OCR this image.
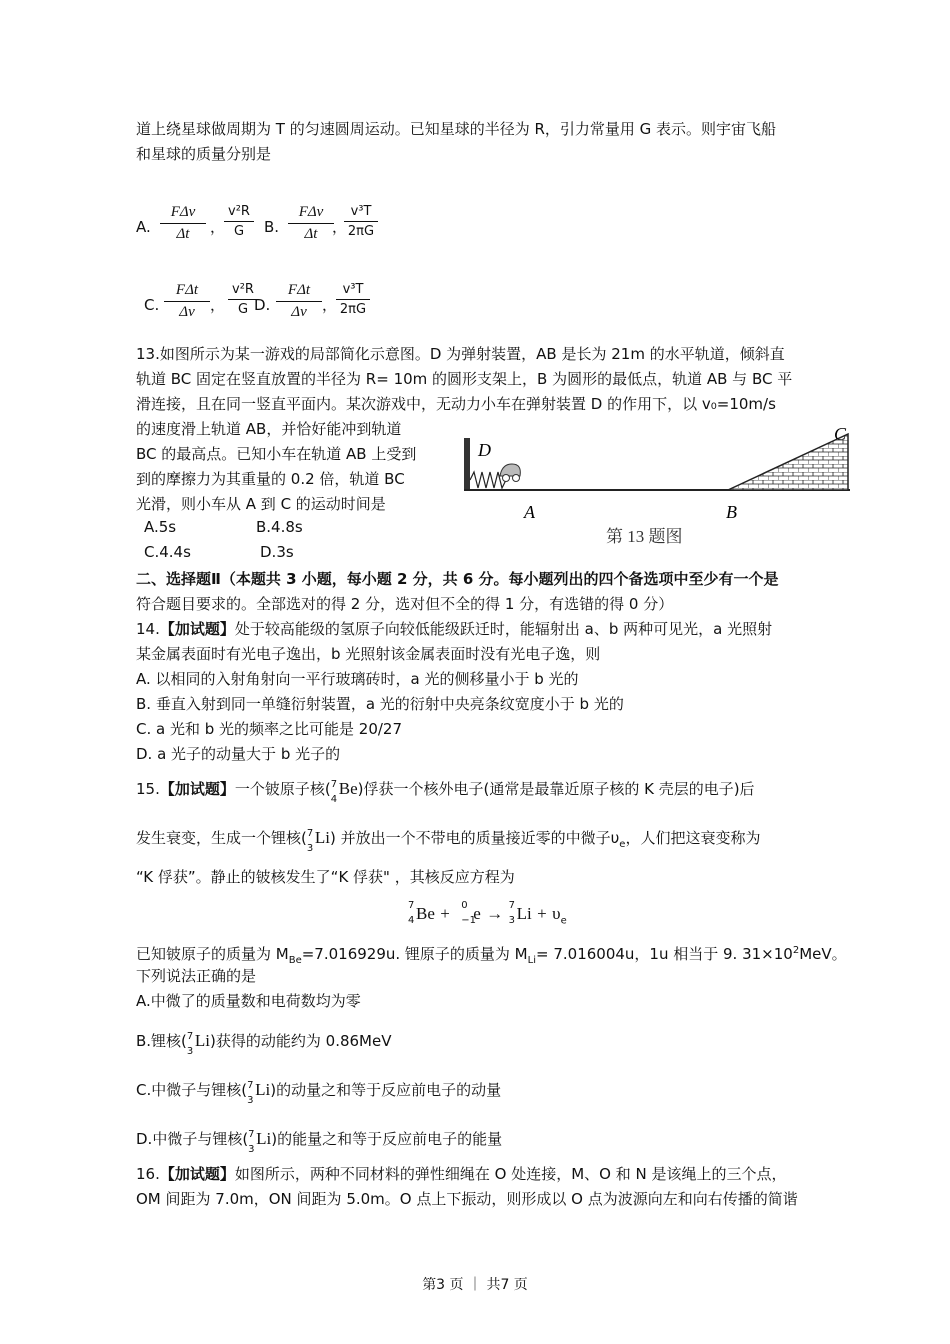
道上绕星球做周期为 T 的匀速圆周运动。已知星球的半径为 R，引力常量用 G 表示。则宇宙飞船
和星球的质量分别是
A.
FΔv
Δt	，
v²R
G	B.
FΔv
Δt ，
v³T
2πG
C.
FΔt
Δv	，
v²R
G D.
FΔt
Δv	，
v³T
2πG
13.如图所示为某一游戏的局部简化示意图。D 为弹射装置，AB 是长为 21m 的水平轨道，倾斜直
轨道 BC 固定在竖直放置的半径为 R= 10m 的圆形支架上，B 为圆形的最低点，轨道 AB 与 BC 平
滑连接，且在同一竖直平面内。某次游戏中，无动力小车在弹射装置 D 的作用下，以 v₀=10m/s
的速度滑上轨道 AB，并恰好能冲到轨道
BC 的最高点。已知小车在轨道 AB 上受到
到的摩擦力为其重量的 0.2 倍，轨道 BC
光滑，则小车从 A 到 C 的运动时间是
A.5s	B.4.8s
C.4.4s	D.3s
D
A	B
C
第 13 题图
二、选择题Ⅱ（本题共 3 小题，每小题 2 分，共 6 分。每小题列出的四个备选项中至少有一个是
符合题目要求的。全部选对的得 2 分，选对但不全的得 1 分，有选错的得 0 分）
14.【加试题】处于较高能级的氢原子向较低能级跃迁时，能辐射出 a、b 两种可见光，a 光照射
某金属表面时有光电子逸出，b 光照射该金属表面时没有光电子逸，则
A. 以相同的入射角射向一平行玻璃砖时，a 光的侧移量小于 b 光的
B. 垂直入射到同一单缝衍射装置，a 光的衍射中央亮条纹宽度小于 b 光的
C. a 光和 b 光的频率之比可能是 20/27
D. a 光子的动量大于 b 光子的
15.【加试题】一个铍原子核( 7
4
Be)俘获一个核外电子(通常是最靠近原子核的 K 壳层的电子)后
发生衰变，生成一个锂核( 7
3
Li) 并放出一个不带电的质量接近零的中微子$\upsilon_e$，人们把这衰变称为
“K 俘获”。静止的铍核发生了“K 俘获" ，其核反应方程为
7
4 Be + 0
−1
e → 7
3 $Li + \upsilon_e$
已知铍原子的质量为 $M_{Be}=7.016929u$. 锂原子的质量为 $M_{Li}= 7.016004u$，1u 相当于 9. $31\times 10^2MeV$。
下列说法正确的是
A.中微了的质量数和电荷数均为零
B.锂核( 7
3
Li)获得的动能约为 0.86MeV
C.中微子与锂核( 7
3
Li)的动量之和等于反应前电子的动量
D.中微子与锂核( 7
3
Li)的能量之和等于反应前电子的能量
16.【加试题】如图所示，两种不同材料的弹性细绳在 O 处连接，M、O 和 N 是该绳上的三个点，
OM 间距为 7.0m，ON 间距为 5.0m。O 点上下振动，则形成以 O 点为波源向左和向右传播的简谐
第3 页 ｜ 共7 页
